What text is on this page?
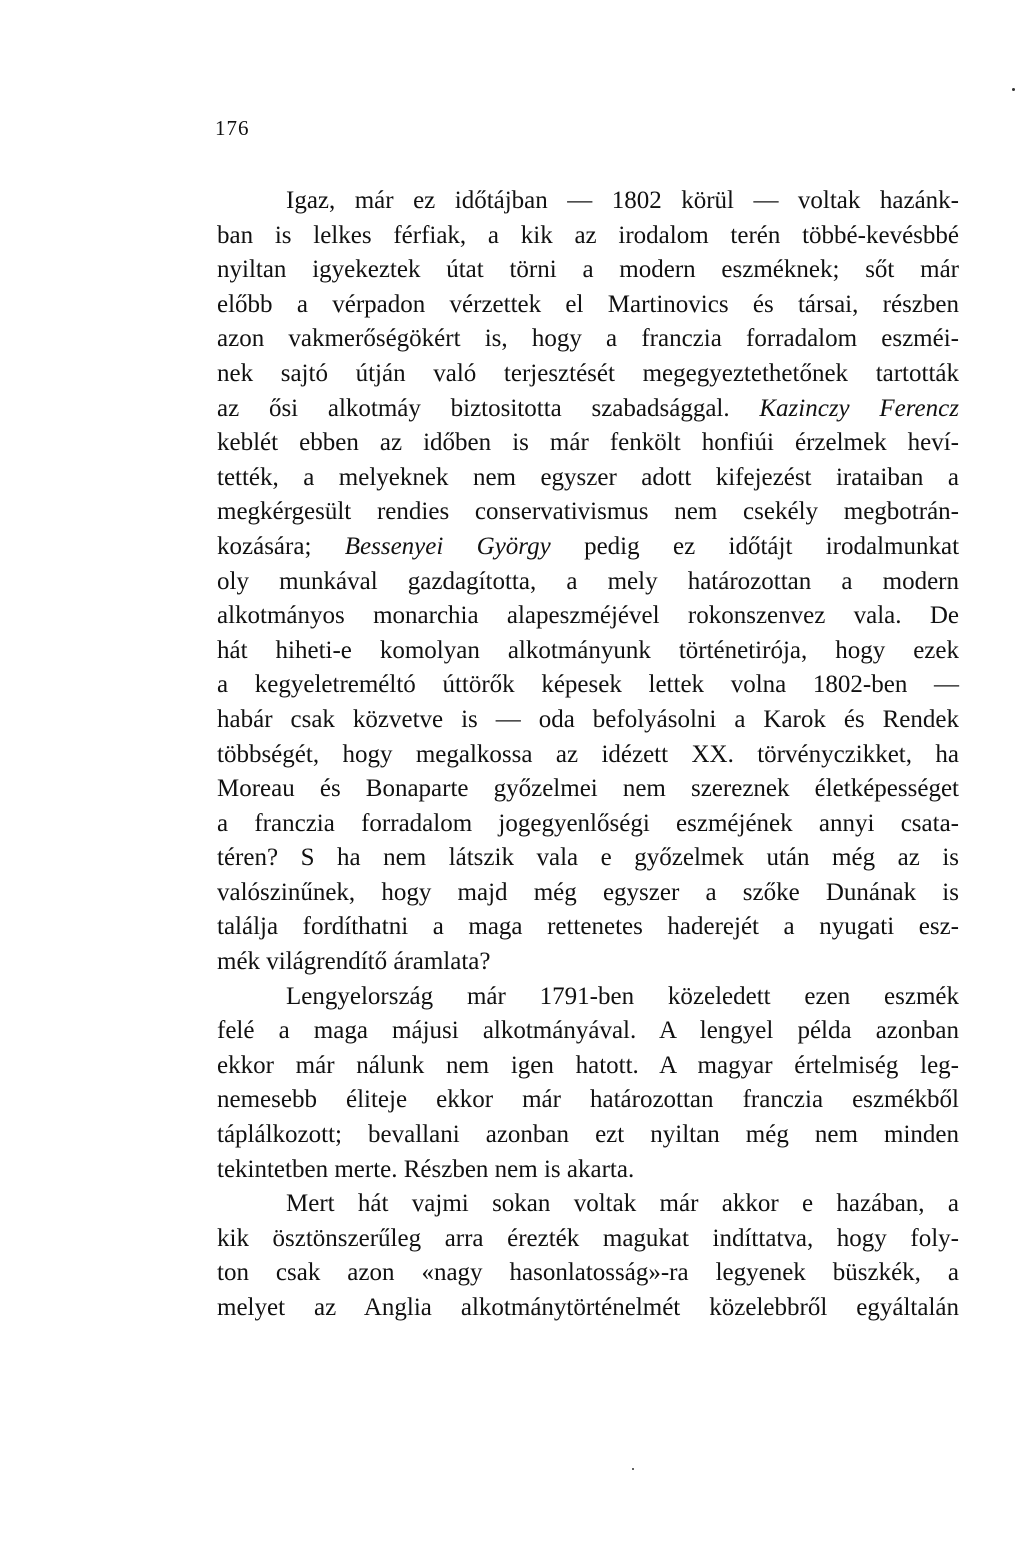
176
Igaz, már ez időtájban — 1802 körül — voltak hazánk-
ban is lelkes férfiak, a kik az irodalom terén többé-kevésbbé
nyiltan igyekeztek útat törni a modern eszméknek; sőt már
előbb a vérpadon vérzettek el Martinovics és társai, részben
azon vakmerőségökért is, hogy a franczia forradalom eszméi-
nek sajtó útján való terjesztését megegyeztethetőnek tartották
az ősi alkotmáy biztositotta szabadsággal. Kazinczy Ferencz
keblét ebben az időben is már fenkölt honfiúi érzelmek heví-
tették, a melyeknek nem egyszer adott kifejezést irataiban a
megkérgesült rendies conservativismus nem csekély megbotrán-
kozására; Bessenyei György pedig ez időtájt irodalmunkat
oly munkával gazdagította, a mely határozottan a modern
alkotmányos monarchia alapeszméjével rokonszenvez vala. De
hát hiheti-e komolyan alkotmányunk történetirója, hogy ezek
a kegyeletreméltó úttörők képesek lettek volna 1802-ben —
habár csak közvetve is — oda befolyásolni a Karok és Rendek
többségét, hogy megalkossa az idézett XX. törvényczikket, ha
Moreau és Bonaparte győzelmei nem szereznek életképességet
a franczia forradalom jogegyenlőségi eszméjének annyi csata-
téren? S ha nem látszik vala e győzelmek után még az is
valószinűnek, hogy majd még egyszer a szőke Dunának is
találja fordíthatni a maga rettenetes haderejét a nyugati esz-
mék világrendítő áramlata?
Lengyelország már 1791-ben közeledett ezen eszmék
felé a maga májusi alkotmányával. A lengyel példa azonban
ekkor már nálunk nem igen hatott. A magyar értelmiség leg-
nemesebb éliteje ekkor már határozottan franczia eszmékből
táplálkozott; bevallani azonban ezt nyiltan még nem minden
tekintetben merte. Részben nem is akarta.
Mert hát vajmi sokan voltak már akkor e hazában, a
kik ösztönszerűleg arra érezték magukat indíttatva, hogy foly-
ton csak azon «nagy hasonlatosság»-ra legyenek büszkék, a
melyet az Anglia alkotmánytörténelmét közelebbről egyáltalán
